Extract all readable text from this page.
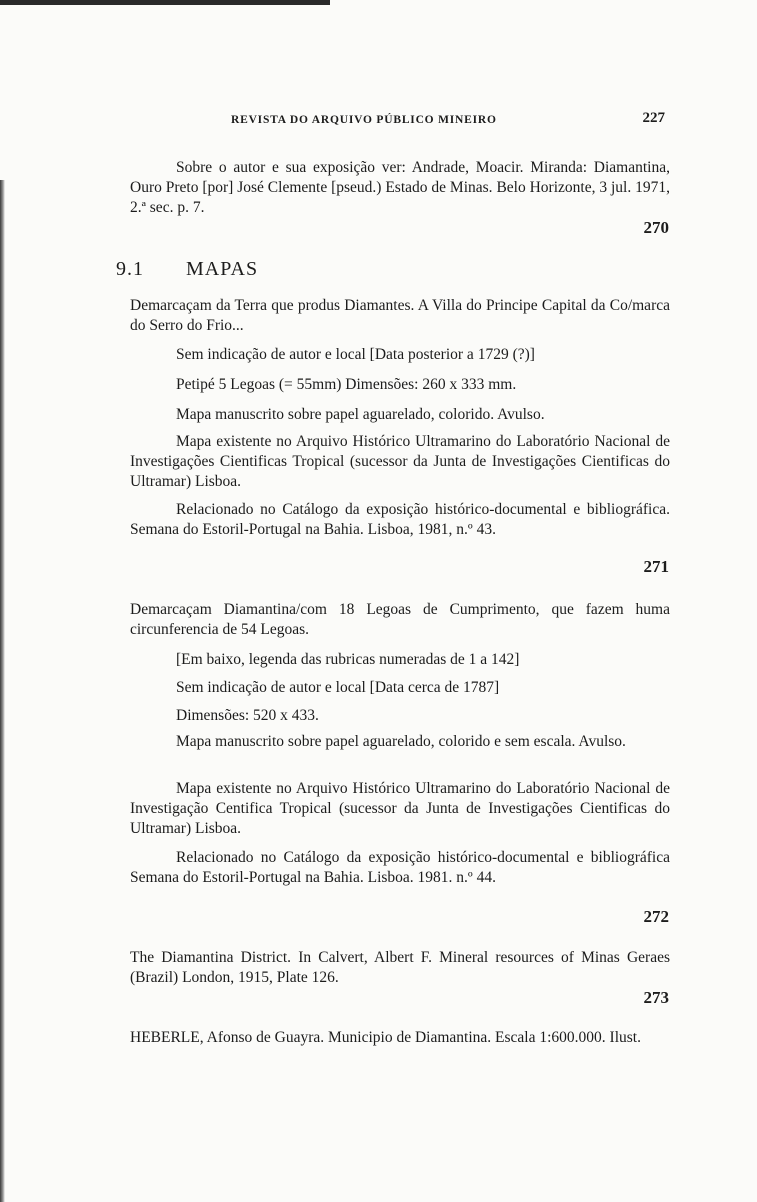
REVISTA DO ARQUIVO PÚBLICO MINEIRO	227

Sobre o autor e sua exposição ver: Andrade, Moacir. Miranda: Diamantina, Ouro Preto [por] José Clemente [pseud.) Estado de Minas. Belo Horizonte, 3 jul. 1971, 2.ª sec. p. 7.

270
9.1 MAPAS

Demarcaçam da Terra que produs Diamantes. A Villa do Principe Capital da Co/marca do Serro do Frio...

Sem indicação de autor e local [Data posterior a 1729 (?)]

Petipé 5 Legoas (= 55mm) Dimensões: 260 x 333 mm.

Mapa manuscrito sobre papel aguarelado, colorido. Avulso.

Mapa existente no Arquivo Histórico Ultramarino do Laboratório Nacional de Investigações Cientificas Tropical (sucessor da Junta de Investigações Cientificas do Ultramar) Lisboa.

Relacionado no Catálogo da exposição histórico-documental e bibliográfica. Semana do Estoril-Portugal na Bahia. Lisboa, 1981, n.º 43.

271

Demarcaçam Diamantina/com 18 Legoas de Cumprimento, que fazem huma circunferencia de 54 Legoas.

[Em baixo, legenda das rubricas numeradas de 1 a 142]

Sem indicação de autor e local [Data cerca de 1787]

Dimensões: 520 x 433.

Mapa manuscrito sobre papel aguarelado, colorido e sem escala. Avulso.

Mapa existente no Arquivo Histórico Ultramarino do Laboratório Nacional de Investigação Centifica Tropical (sucessor da Junta de Investigações Cientificas do Ultramar) Lisboa.

Relacionado no Catálogo da exposição histórico-documental e bibliográfica Semana do Estoril-Portugal na Bahia. Lisboa. 1981. n.º 44.

272

The Diamantina District. In Calvert, Albert F. Mineral resources of Minas Geraes (Brazil) London, 1915, Plate 126.

273

HEBERLE, Afonso de Guayra. Municipio de Diamantina. Escala 1:600.000. Ilust.
